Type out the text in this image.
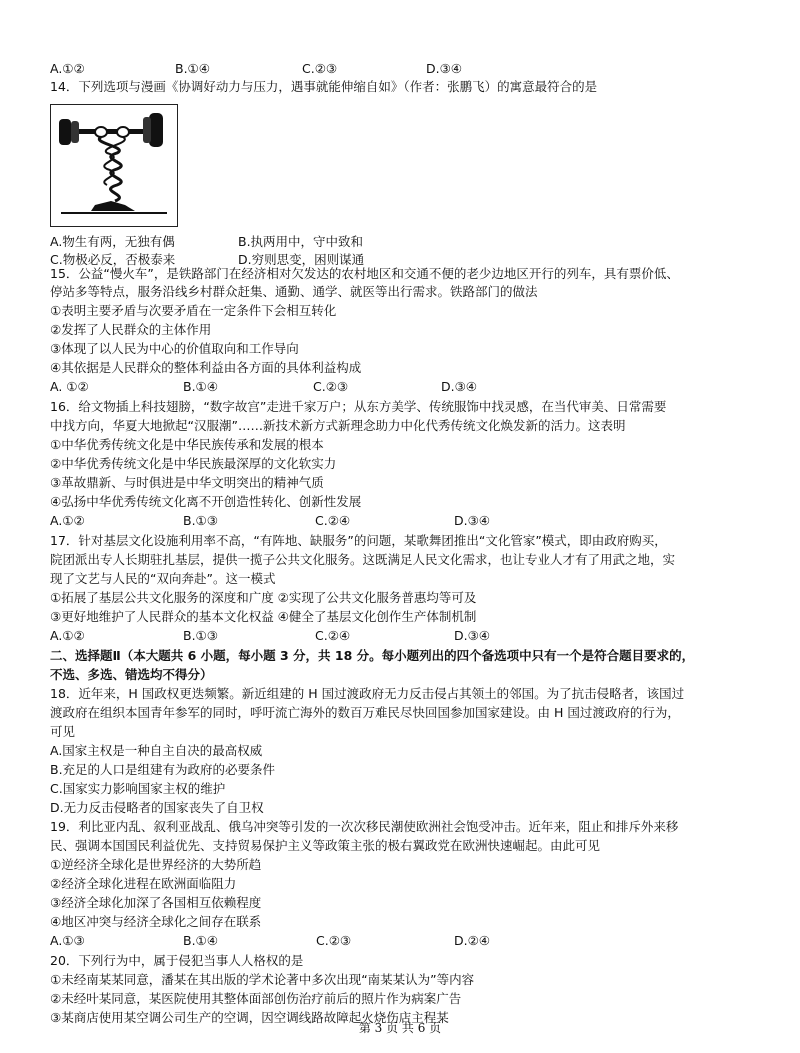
14．下列选项与漫画《协调好动力与压力，遇事就能伸缩自如》（作者：张鹏飞）的寓意最符合的是
15．公益“慢火车”，是铁路部门在经济相对欠发达的农村地区和交通不便的老少边地区开行的列车，具有票价低、
停站多等特点，服务沿线乡村群众赶集、通勤、通学、就医等出行需求。铁路部门的做法
①表明主要矛盾与次要矛盾在一定条件下会相互转化
②发挥了人民群众的主体作用
③体现了以人民为中心的价值取向和工作导向
④其依据是人民群众的整体利益由各方面的具体利益构成
16．给文物插上科技翅膀，“数字故宫”走进千家万户；从东方美学、传统服饰中找灵感，在当代审美、日常需要
中找方向，华夏大地掀起“汉服潮”……新技术新方式新理念助力中化代秀传统文化焕发新的活力。这表明
①中华优秀传统文化是中华民族传承和发展的根本
②中华优秀传统文化是中华民族最深厚的文化软实力
③革故鼎新、与时俱进是中华文明突出的精神气质
④弘扬中华优秀传统文化离不开创造性转化、创新性发展
17．针对基层文化设施利用率不高，“有阵地、缺服务”的问题，某歌舞团推出“文化管家”模式，即由政府购买，
院团派出专人长期驻扎基层，提供一揽子公共文化服务。这既满足人民文化需求，也让专业人才有了用武之地，实
现了文艺与人民的“双向奔赴”。这一模式
①拓展了基层公共文化服务的深度和广度 ②实现了公共文化服务普惠均等可及
③更好地维护了人民群众的基本文化权益 ④健全了基层文化创作生产体制机制
二、选择题Ⅱ（本大题共 6 小题，每小题 3 分，共 18 分。每小题列出的四个备选项中只有一个是符合题目要求的，
不选、多选、错选均不得分）
18．近年来，H 国政权更迭频繁。新近组建的 H 国过渡政府无力反击侵占其领土的邻国。为了抗击侵略者，该国过
渡政府在组织本国青年参军的同时，呼吁流亡海外的数百万难民尽快回国参加国家建设。由 H 国过渡政府的行为，
可见
A.国家主权是一种自主自决的最高权威
B.充足的人口是组建有为政府的必要条件
C.国家实力影响国家主权的维护
D.无力反击侵略者的国家丧失了自卫权
19．利比亚内乱、叙利亚战乱、俄乌冲突等引发的一次次移民潮使欧洲社会饱受冲击。近年来，阻止和排斥外来移
民、强调本国国民利益优先、支持贸易保护主义等政策主张的极右翼政党在欧洲快速崛起。由此可见
①逆经济全球化是世界经济的大势所趋
②经济全球化进程在欧洲面临阻力
③经济全球化加深了各国相互依赖程度
④地区冲突与经济全球化之间存在联系
20．下列行为中，属于侵犯当事人人格权的是
①未经南某某同意，潘某在其出版的学术论著中多次出现“南某某认为”等内容
②未经叶某同意，某医院使用其整体面部创伤治疗前后的照片作为病案广告
③某商店使用某空调公司生产的空调，因空调线路故障起火烧伤店主程某
A.①②	B.①④	C.②③	D.③④
A.物生有两，无独有偶	B.执两用中，守中致和
C.物极必反，否极泰来	D.穷则思变，困则谋通
A. ①②	B.①④	C.②③	D.③④
A.①②	B.①③	C.②④	D.③④
A.①②	B.①③	C.②④	D.③④
A.①③	B.①④	C.②③	D.②④
第 3 页 共 6 页
